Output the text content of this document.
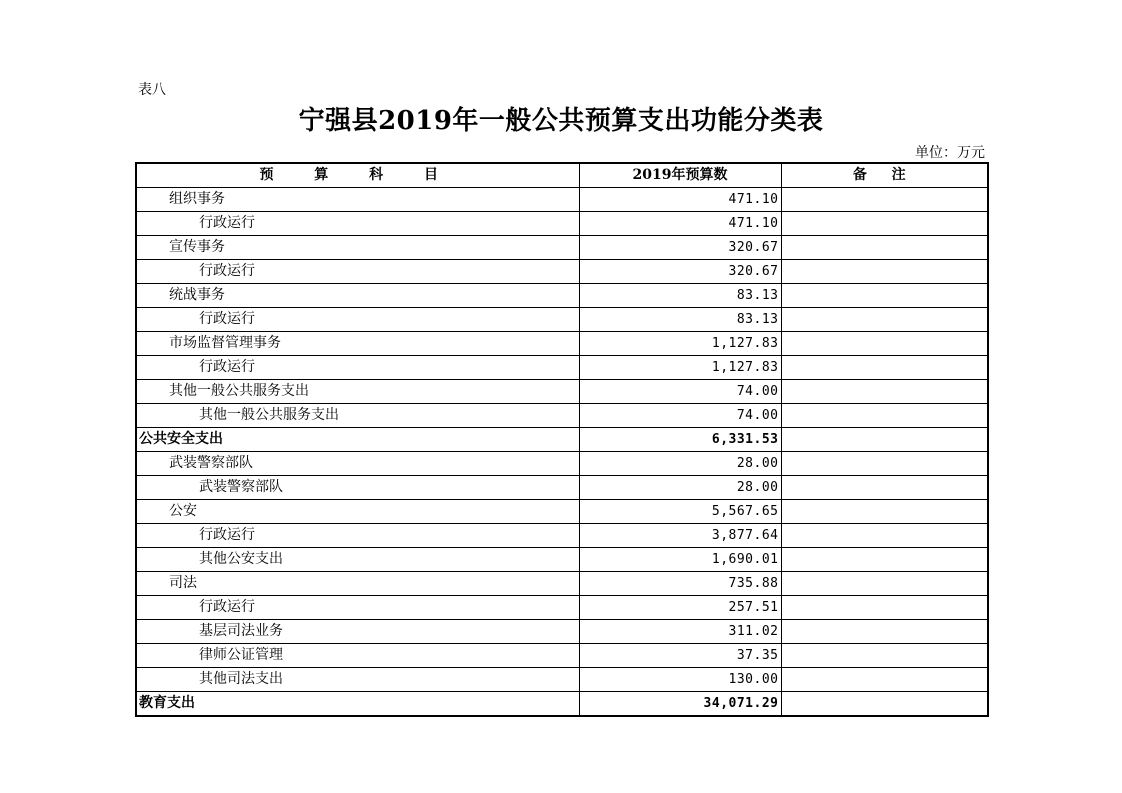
表八
宁强县2019年一般公共预算支出功能分类表
单位：万元
预 算 科 目	2019年预算数	备 注
组织事务	471.10	
行政运行	471.10	
宣传事务	320.67	
行政运行	320.67	
统战事务	83.13	
行政运行	83.13	
市场监督管理事务	1,127.83	
行政运行	1,127.83	
其他一般公共服务支出	74.00	
其他一般公共服务支出	74.00	
公共安全支出	6,331.53	
武装警察部队	28.00	
武装警察部队	28.00	
公安	5,567.65	
行政运行	3,877.64	
其他公安支出	1,690.01	
司法	735.88	
行政运行	257.51	
基层司法业务	311.02	
律师公证管理	37.35	
其他司法支出	130.00	
教育支出	34,071.29	
